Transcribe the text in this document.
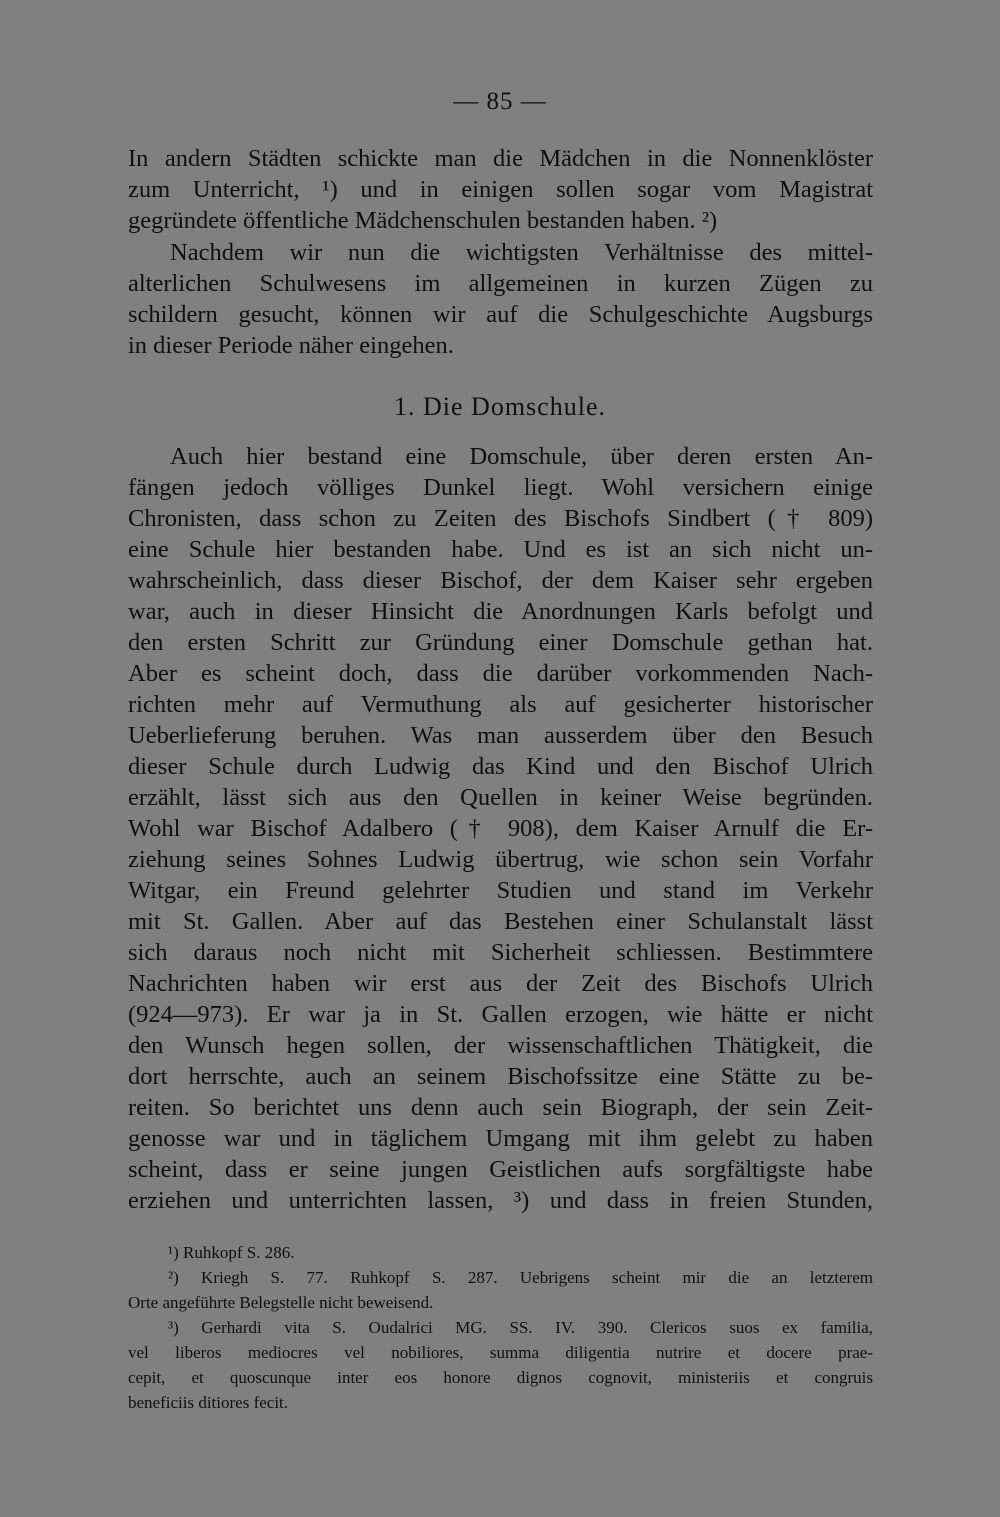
— 85 —
In andern Städten schickte man die Mädchen in die Nonnenklöster
zum Unterricht, ¹) und in einigen sollen sogar vom Magistrat
gegründete öffentliche Mädchenschulen bestanden haben. ²)
Nachdem wir nun die wichtigsten Verhältnisse des mittel-
alterlichen Schulwesens im allgemeinen in kurzen Zügen zu
schildern gesucht, können wir auf die Schulgeschichte Augsburgs
in dieser Periode näher eingehen.
1. Die Domschule.
Auch hier bestand eine Domschule, über deren ersten An-
fängen jedoch völliges Dunkel liegt. Wohl versichern einige
Chronisten, dass schon zu Zeiten des Bischofs Sindbert († 809)
eine Schule hier bestanden habe. Und es ist an sich nicht un-
wahrscheinlich, dass dieser Bischof, der dem Kaiser sehr ergeben
war, auch in dieser Hinsicht die Anordnungen Karls befolgt und
den ersten Schritt zur Gründung einer Domschule gethan hat.
Aber es scheint doch, dass die darüber vorkommenden Nach-
richten mehr auf Vermuthung als auf gesicherter historischer
Ueberlieferung beruhen. Was man ausserdem über den Besuch
dieser Schule durch Ludwig das Kind und den Bischof Ulrich
erzählt, lässt sich aus den Quellen in keiner Weise begründen.
Wohl war Bischof Adalbero († 908), dem Kaiser Arnulf die Er-
ziehung seines Sohnes Ludwig übertrug, wie schon sein Vorfahr
Witgar, ein Freund gelehrter Studien und stand im Verkehr
mit St. Gallen. Aber auf das Bestehen einer Schulanstalt lässt
sich daraus noch nicht mit Sicherheit schliessen. Bestimmtere
Nachrichten haben wir erst aus der Zeit des Bischofs Ulrich
(924—973). Er war ja in St. Gallen erzogen, wie hätte er nicht
den Wunsch hegen sollen, der wissenschaftlichen Thätigkeit, die
dort herrschte, auch an seinem Bischofssitze eine Stätte zu be-
reiten. So berichtet uns denn auch sein Biograph, der sein Zeit-
genosse war und in täglichem Umgang mit ihm gelebt zu haben
scheint, dass er seine jungen Geistlichen aufs sorgfältigste habe
erziehen und unterrichten lassen, ³) und dass in freien Stunden,
¹) Ruhkopf S. 286.
²) Kriegh S. 77. Ruhkopf S. 287. Uebrigens scheint mir die an letzterem
Orte angeführte Belegstelle nicht beweisend.
³) Gerhardi vita S. Oudalrici MG. SS. IV. 390. Clericos suos ex familia,
vel liberos mediocres vel nobiliores, summa diligentia nutrire et docere prae-
cepit, et quoscunque inter eos honore dignos cognovit, ministeriis et congruis
beneficiis ditiores fecit.
